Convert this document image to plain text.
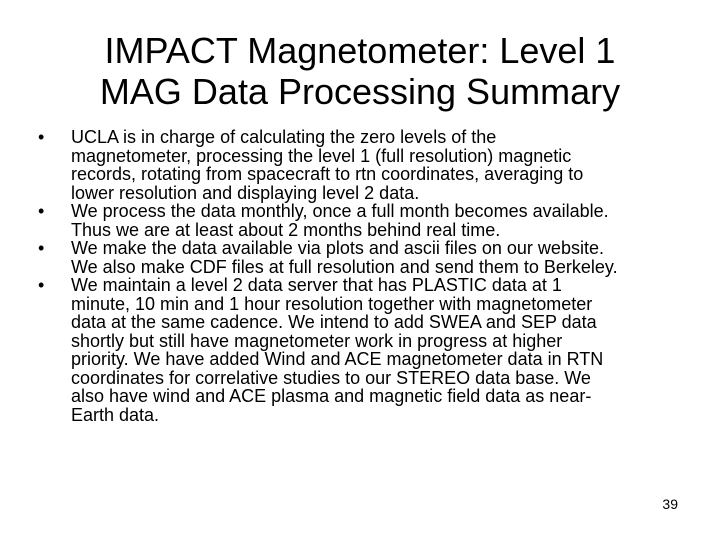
IMPACT Magnetometer: Level 1
MAG Data Processing Summary
• UCLA is in charge of calculating the zero levels of the
magnetometer, processing the level 1 (full resolution) magnetic
records, rotating from spacecraft to rtn coordinates, averaging to
lower resolution and displaying level 2 data.
• We process the data monthly, once a full month becomes available.
Thus we are at least about 2 months behind real time.
• We make the data available via plots and ascii files on our website.
We also make CDF files at full resolution and send them to Berkeley.
• We maintain a level 2 data server that has PLASTIC data at 1
minute, 10 min and 1 hour resolution together with magnetometer
data at the same cadence. We intend to add SWEA and SEP data
shortly but still have magnetometer work in progress at higher
priority. We have added Wind and ACE magnetometer data in RTN
coordinates for correlative studies to our STEREO data base. We
also have wind and ACE plasma and magnetic field data as near-
Earth data.
39
